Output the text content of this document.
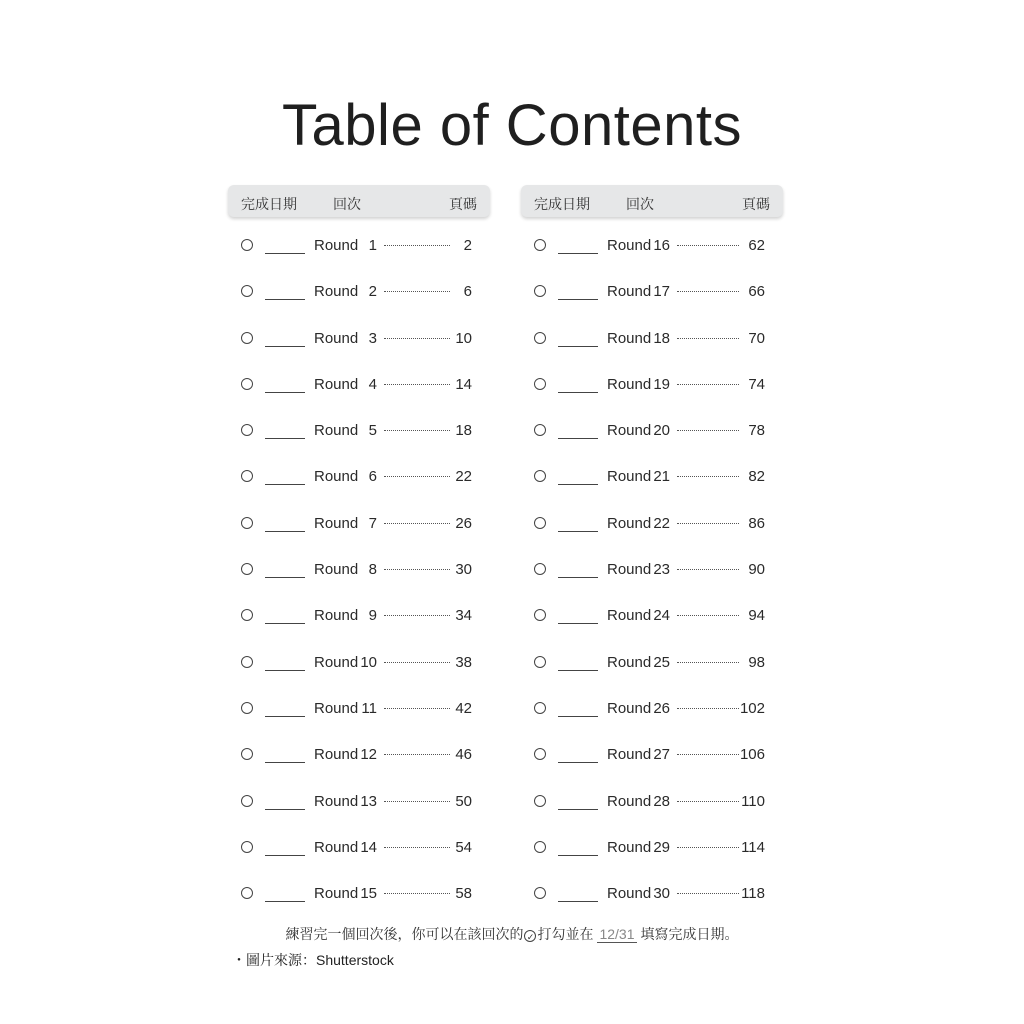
Table of Contents
完成日期	回次	頁碼
Round 1	2
Round 2	6
Round 3	10
Round 4	14
Round 5	18
Round 6	22
Round 7	26
Round 8	30
Round 9	34
Round 10	38
Round 11	42
Round 12	46
Round 13	50
Round 14	54
Round 15	58
完成日期	回次	頁碼
Round 16	62
Round 17	66
Round 18	70
Round 19	74
Round 20	78
Round 21	82
Round 22	86
Round 23	90
Round 24	94
Round 25	98
Round 26	102
Round 27	106
Round 28	110
Round 29	114
Round 30	118
練習完一個回次後，你可以在該回次的 ✓ 打勾並在 12/31 填寫完成日期。
・圖片來源：Shutterstock
